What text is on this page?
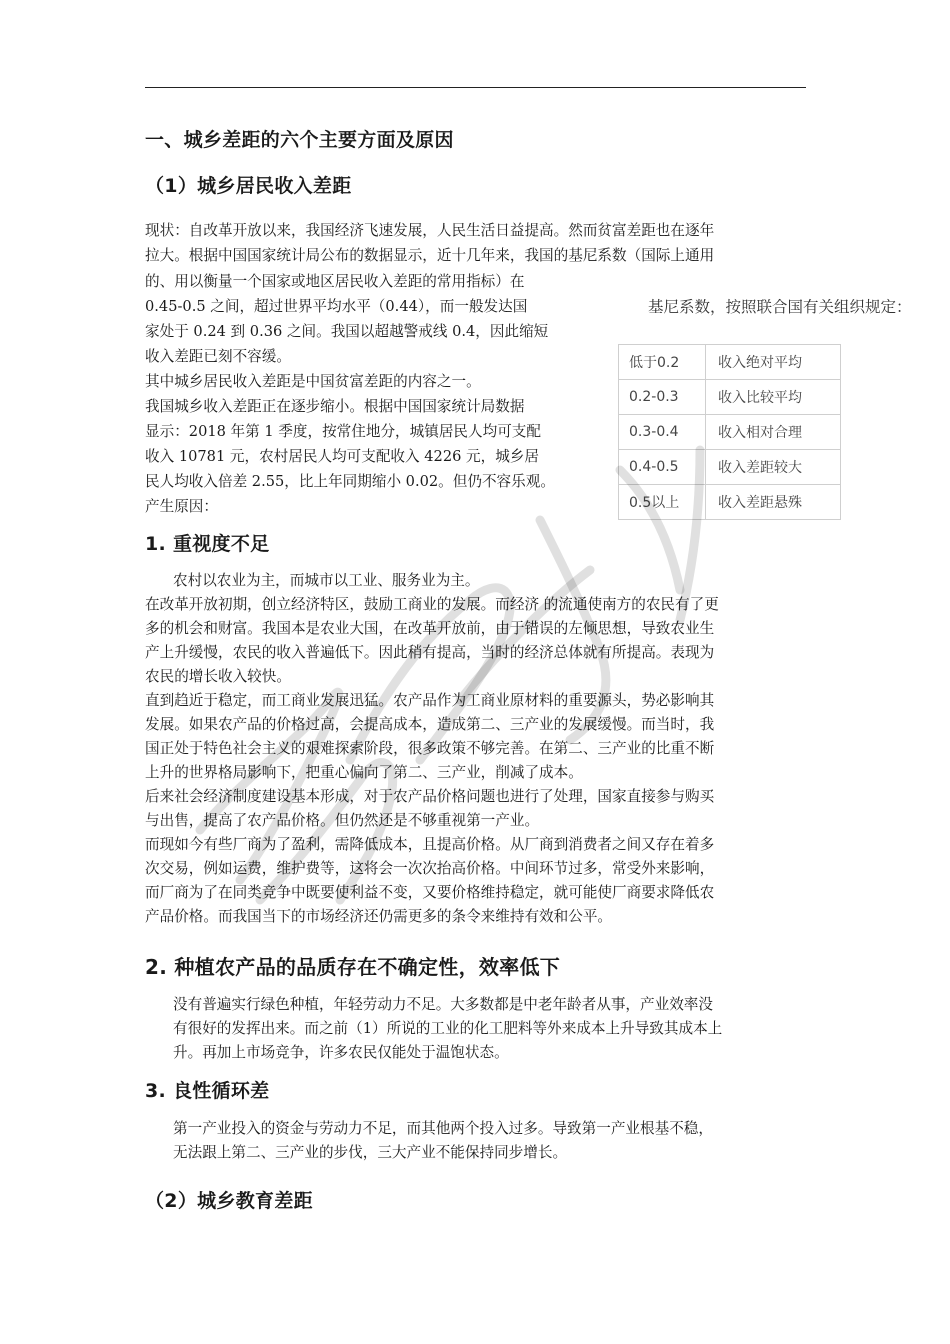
一、城乡差距的六个主要方面及原因
（1）城乡居民收入差距
现状：自改革开放以来，我国经济飞速发展，人民生活日益提高。然而贫富差距也在逐年
拉大。根据中国国家统计局公布的数据显示，近十几年来，我国的基尼系数（国际上通用
的、用以衡量一个国家或地区居民收入差距的常用指标）在
0.45-0.5 之间，超过世界平均水平（0.44），而一般发达国
家处于 0.24 到 0.36 之间。我国以超越警戒线 0.4，因此缩短
收入差距已刻不容缓。
其中城乡居民收入差距是中国贫富差距的内容之一。
我国城乡收入差距正在逐步缩小。根据中国国家统计局数据
显示：2018 年第 1 季度，按常住地分，城镇居民人均可支配
收入 10781 元，农村居民人均可支配收入 4226 元，城乡居
民人均收入倍差 2.55，比上年同期缩小 0.02。但仍不容乐观。
产生原因：
基尼系数，按照联合国有关组织规定：
低于0.2	收入绝对平均
0.2-0.3	收入比较平均
0.3-0.4	收入相对合理
0.4-0.5	收入差距较大
0.5以上	收入差距悬殊
1. 重视度不足
农村以农业为主，而城市以工业、服务业为主。
在改革开放初期，创立经济特区，鼓励工商业的发展。而经济 的流通使南方的农民有了更
多的机会和财富。我国本是农业大国，在改革开放前，由于错误的左倾思想，导致农业生
产上升缓慢，农民的收入普遍低下。因此稍有提高，当时的经济总体就有所提高。表现为
农民的增长收入较快。
直到趋近于稳定，而工商业发展迅猛。农产品作为工商业原材料的重要源头，势必影响其
发展。如果农产品的价格过高，会提高成本，造成第二、三产业的发展缓慢。而当时，我
国正处于特色社会主义的艰难探索阶段，很多政策不够完善。在第二、三产业的比重不断
上升的世界格局影响下，把重心偏向了第二、三产业，削减了成本。
后来社会经济制度建设基本形成，对于农产品价格问题也进行了处理，国家直接参与购买
与出售，提高了农产品价格。但仍然还是不够重视第一产业。
而现如今有些厂商为了盈利，需降低成本，且提高价格。从厂商到消费者之间又存在着多
次交易，例如运费，维护费等，这将会一次次抬高价格。中间环节过多，常受外来影响，
而厂商为了在同类竞争中既要使利益不变，又要价格维持稳定，就可能使厂商要求降低农
产品价格。而我国当下的市场经济还仍需更多的条令来维持有效和公平。
2. 种植农产品的品质存在不确定性，效率低下
没有普遍实行绿色种植，年轻劳动力不足。大多数都是中老年龄者从事，产业效率没
有很好的发挥出来。而之前（1）所说的工业的化工肥料等外来成本上升导致其成本上
升。再加上市场竞争，许多农民仅能处于温饱状态。
3. 良性循环差
第一产业投入的资金与劳动力不足，而其他两个投入过多。导致第一产业根基不稳，
无法跟上第二、三产业的步伐，三大产业不能保持同步增长。
（2）城乡教育差距
